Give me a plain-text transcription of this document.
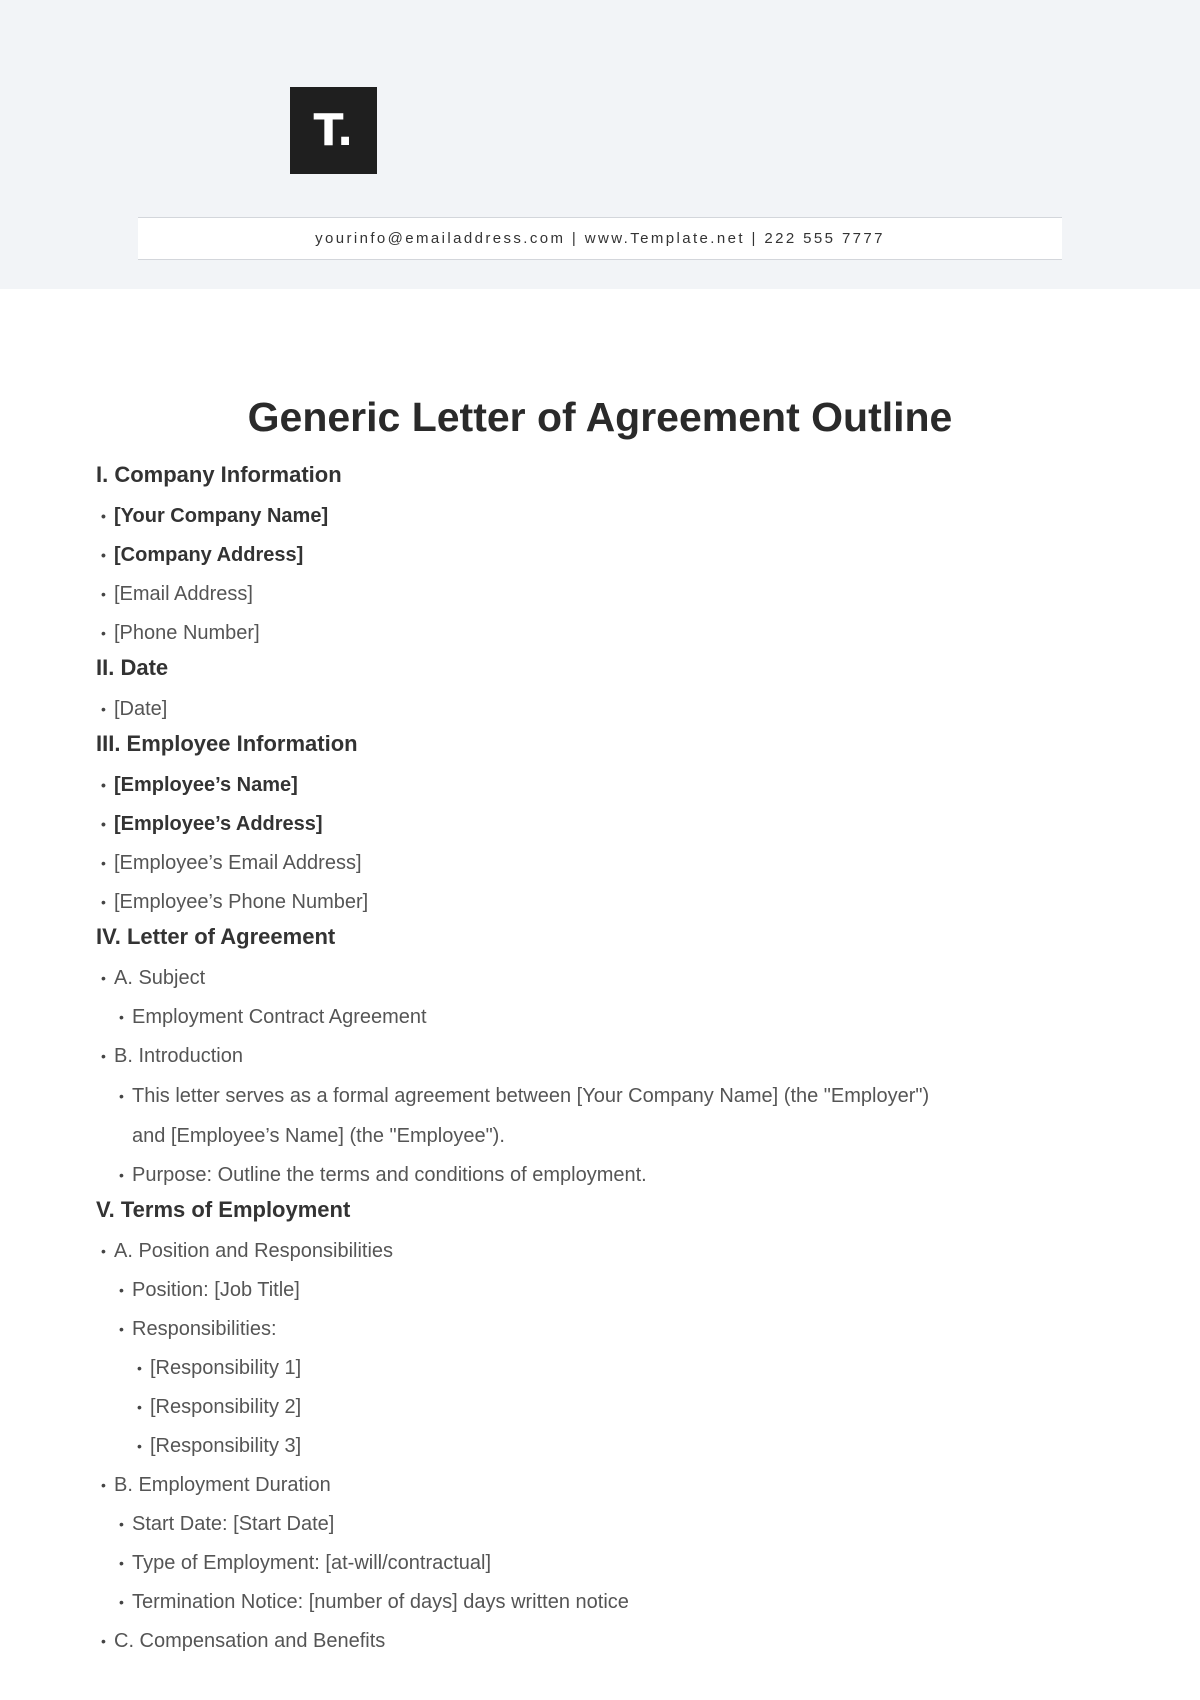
T.
yourinfo@emailaddress.com | www.Template.net | 222 555 7777
Generic Letter of Agreement Outline
I. Company Information
• [Your Company Name]
• [Company Address]
• [Email Address]
• [Phone Number]
II. Date
• [Date]
III. Employee Information
• [Employee’s Name]
• [Employee’s Address]
• [Employee’s Email Address]
• [Employee’s Phone Number]
IV. Letter of Agreement
• A. Subject
• Employment Contract Agreement
• B. Introduction
• This letter serves as a formal agreement between [Your Company Name] (the "Employer") and [Employee’s Name] (the "Employee").
• Purpose: Outline the terms and conditions of employment.
V. Terms of Employment
• A. Position and Responsibilities
• Position: [Job Title]
• Responsibilities:
• [Responsibility 1]
• [Responsibility 2]
• [Responsibility 3]
• B. Employment Duration
• Start Date: [Start Date]
• Type of Employment: [at-will/contractual]
• Termination Notice: [number of days] days written notice
• C. Compensation and Benefits
